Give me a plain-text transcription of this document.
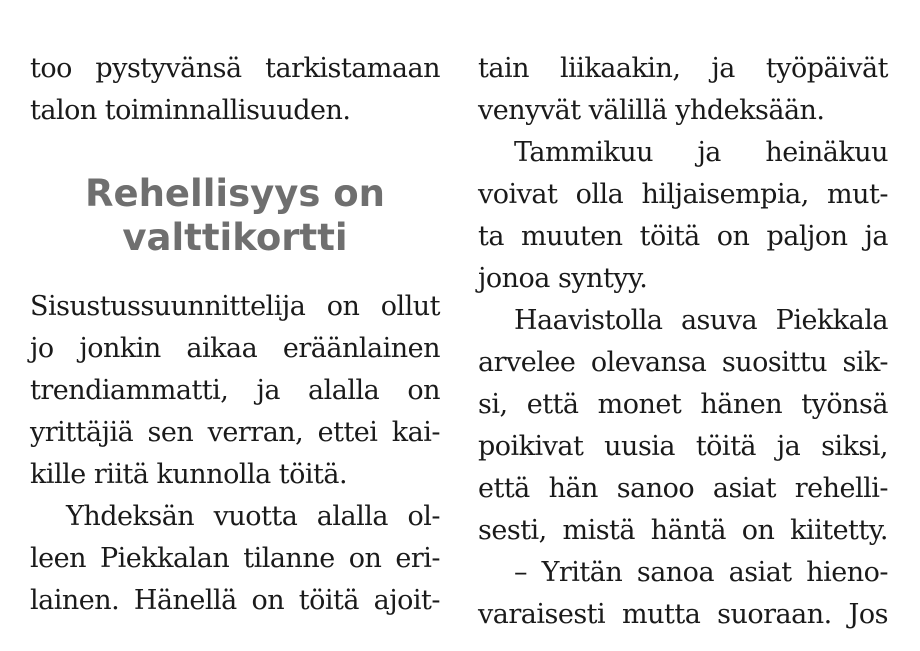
too pystyvänsä tarkistamaan
talon toiminnallisuuden.
Rehellisyys on
valttikortti
Sisustussuunnittelija on ollut
jo jonkin aikaa eräänlainen
trendiammatti, ja alalla on
yrittäjiä sen verran, ettei kai-
kille riitä kunnolla töitä.
Yhdeksän vuotta alalla ol-
leen Piekkalan tilanne on eri-
lainen. Hänellä on töitä ajoit-
tain liikaakin, ja työpäivät
venyvät välillä yhdeksään.
Tammikuu ja heinäkuu
voivat olla hiljaisempia, mut-
ta muuten töitä on paljon ja
jonoa syntyy.
Haavistolla asuva Piekkala
arvelee olevansa suosittu sik-
si, että monet hänen työnsä
poikivat uusia töitä ja siksi,
että hän sanoo asiat rehelli-
sesti, mistä häntä on kiitetty.
– Yritän sanoa asiat hieno-
varaisesti mutta suoraan. Jos
